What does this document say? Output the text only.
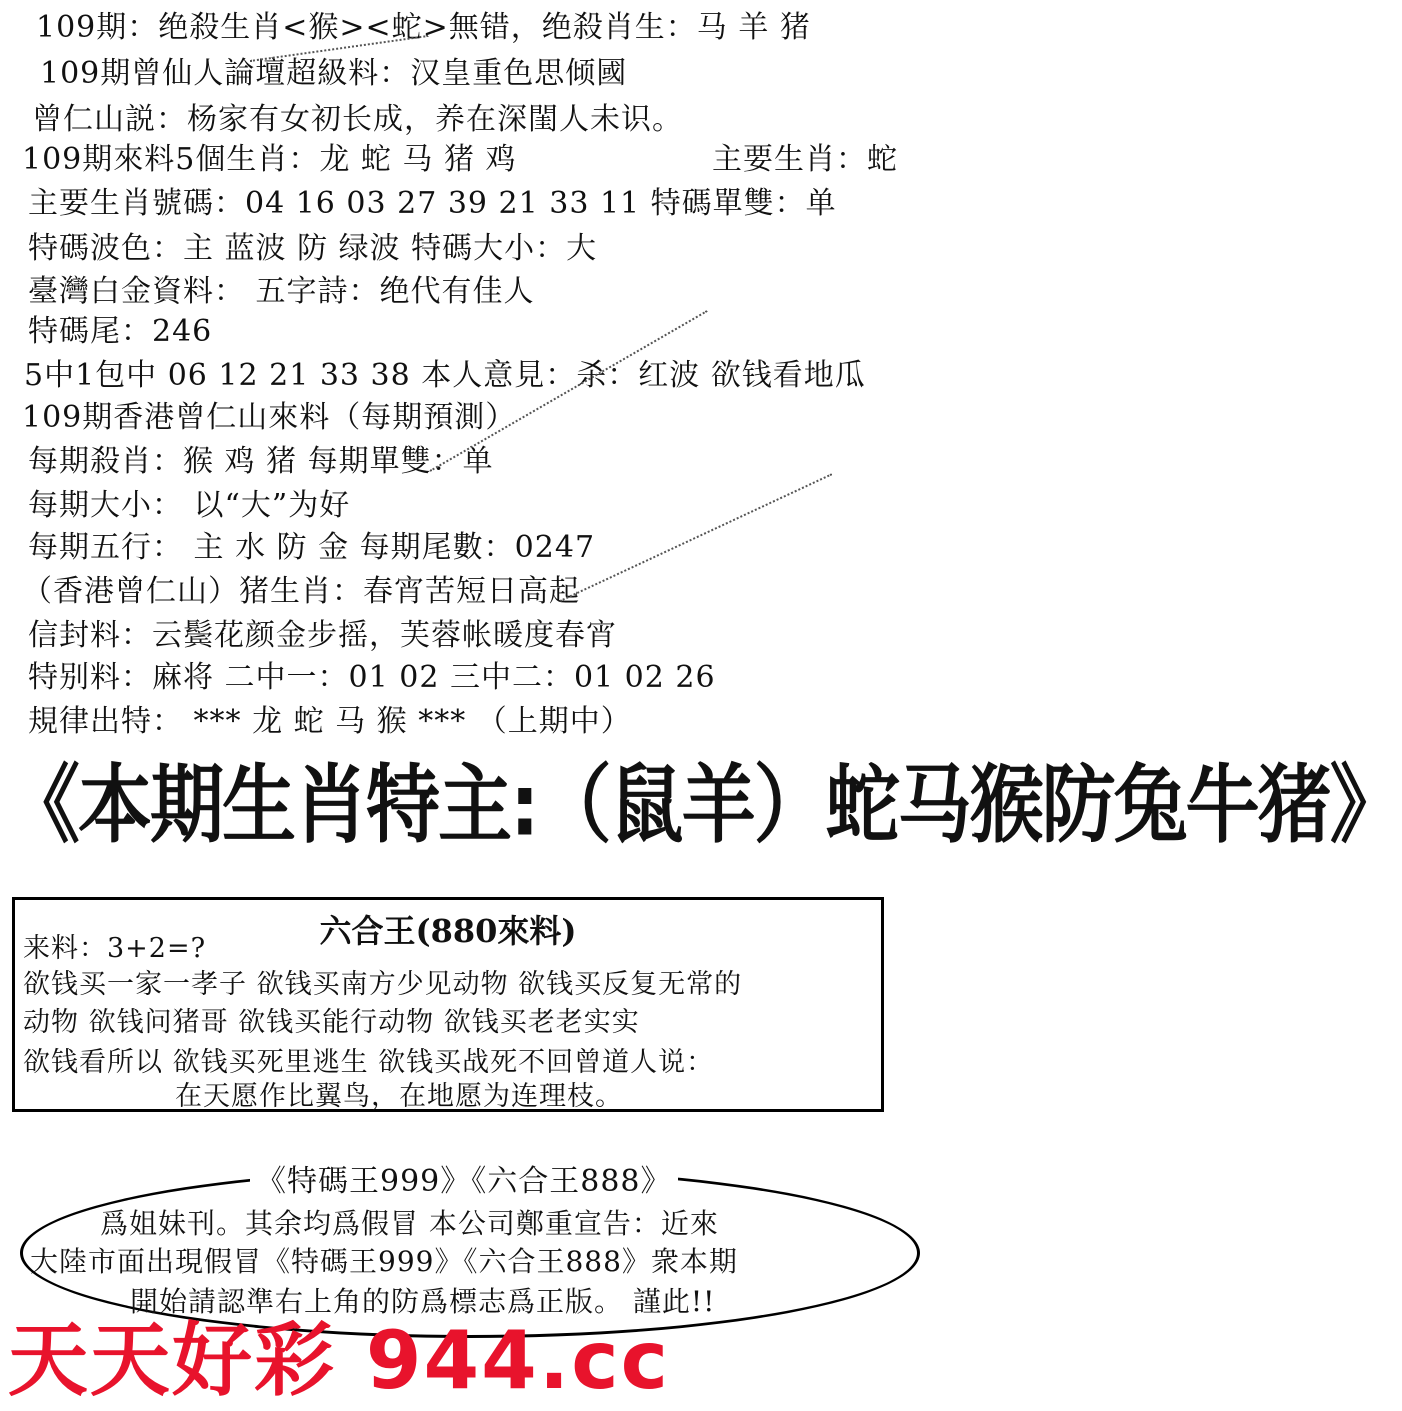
109期：绝殺生肖<猴><蛇>無错，绝殺肖生：马 羊 猪
109期曾仙人論壇超級料：汉皇重色思倾國
曾仁山説：杨家有女初长成，养在深閨人未识。
109期來料5個生肖：龙 蛇 马 猪 鸡	主要生肖：蛇
主要生肖號碼：04 16 03 27 39 21 33 11 特碼單雙：单
特碼波色：主 蓝波 防 绿波 特碼大小：大
臺灣白金資料： 五字詩：绝代有佳人
特碼尾：246
5中1包中 06 12 21 33 38 本人意見：杀：红波 欲钱看地瓜
109期香港曾仁山來料（每期預測）
每期殺肖：猴 鸡 猪 每期單雙：单
每期大小： 以“大”为好
每期五行： 主 水 防 金 每期尾數：0247
（香港曾仁山）猪生肖：春宵苦短日高起
信封料：云鬓花颜金步摇，芙蓉帐暖度春宵
特别料：麻将 二中一：01 02 三中二：01 02 26
規律出特： *** 龙 蛇 马 猴 *** （上期中）
《本期生肖特主:（鼠羊）蛇马猴防兔牛猪》
六合王(880來料)
来料：3+2=?
欲钱买一家一孝子 欲钱买南方少见动物 欲钱买反复无常的
动物 欲钱问猪哥 欲钱买能行动物 欲钱买老老实实
欲钱看所以 欲钱买死里逃生 欲钱买战死不回曾道人说：
在天愿作比翼鸟，在地愿为连理枝。
《特碼王999》《六合王888》
爲姐妹刊。其余均爲假冒 本公司鄭重宣告：近來
大陸市面出現假冒《特碼王999》《六合王888》衆本期
開始請認準右上角的防爲標志爲正版。 謹此!!
天天好彩 944.cc
